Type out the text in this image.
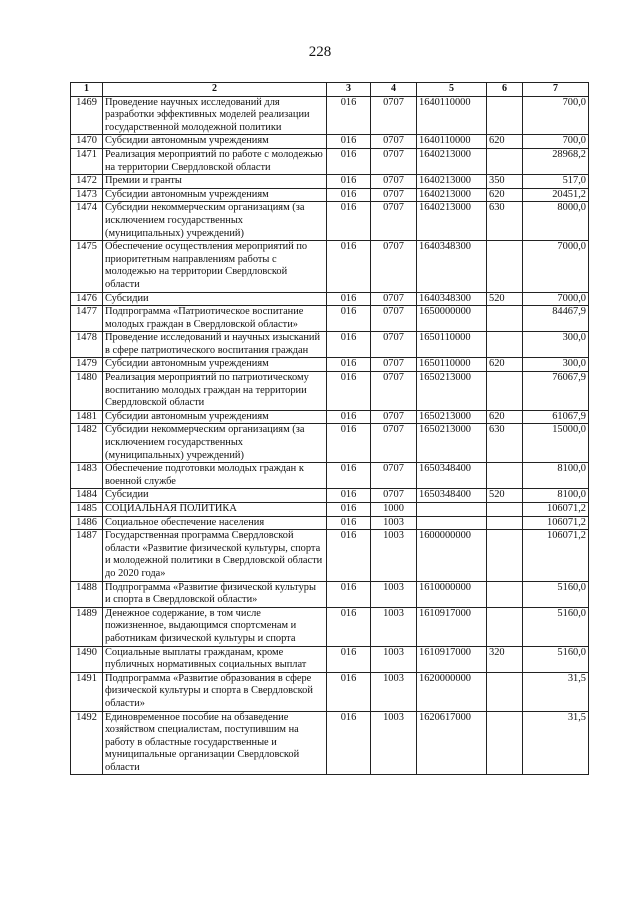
228
1	2	3	4	5	6	7
1469	Проведение научных исследований для разработки эффективных моделей реализации государственной молодежной политики	016	0707	1640110000		700,0
1470	Субсидии автономным учреждениям	016	0707	1640110000	620	700,0
1471	Реализация мероприятий по работе с молодежью на территории Свердловской области	016	0707	1640213000		28968,2
1472	Премии и гранты	016	0707	1640213000	350	517,0
1473	Субсидии автономным учреждениям	016	0707	1640213000	620	20451,2
1474	Субсидии некоммерческим организациям (за исключением государственных (муниципальных) учреждений)	016	0707	1640213000	630	8000,0
1475	Обеспечение осуществления мероприятий по приоритетным направлениям работы с молодежью на территории Свердловской области	016	0707	1640348300		7000,0
1476	Субсидии	016	0707	1640348300	520	7000,0
1477	Подпрограмма «Патриотическое воспитание молодых граждан в Свердловской области»	016	0707	1650000000		84467,9
1478	Проведение исследований и научных изысканий в сфере патриотического воспитания граждан	016	0707	1650110000		300,0
1479	Субсидии автономным учреждениям	016	0707	1650110000	620	300,0
1480	Реализация мероприятий по патриотическому воспитанию молодых граждан на территории Свердловской области	016	0707	1650213000		76067,9
1481	Субсидии автономным учреждениям	016	0707	1650213000	620	61067,9
1482	Субсидии некоммерческим организациям (за исключением государственных (муниципальных) учреждений)	016	0707	1650213000	630	15000,0
1483	Обеспечение подготовки молодых граждан к военной службе	016	0707	1650348400		8100,0
1484	Субсидии	016	0707	1650348400	520	8100,0
1485	СОЦИАЛЬНАЯ ПОЛИТИКА	016	1000			106071,2
1486	Социальное обеспечение населения	016	1003			106071,2
1487	Государственная программа Свердловской области «Развитие физической культуры, спорта и молодежной политики в Свердловской области до 2020 года»	016	1003	1600000000		106071,2
1488	Подпрограмма «Развитие физической культуры и спорта в Свердловской области»	016	1003	1610000000		5160,0
1489	Денежное содержание, в том числе пожизненное, выдающимся спортсменам и работникам физической культуры и спорта	016	1003	1610917000		5160,0
1490	Социальные выплаты гражданам, кроме публичных нормативных социальных выплат	016	1003	1610917000	320	5160,0
1491	Подпрограмма «Развитие образования в сфере физической культуры и спорта в Свердловской области»	016	1003	1620000000		31,5
1492	Единовременное пособие на обзаведение хозяйством специалистам, поступившим на работу в областные государственные и муниципальные организации Свердловской области	016	1003	1620617000		31,5
